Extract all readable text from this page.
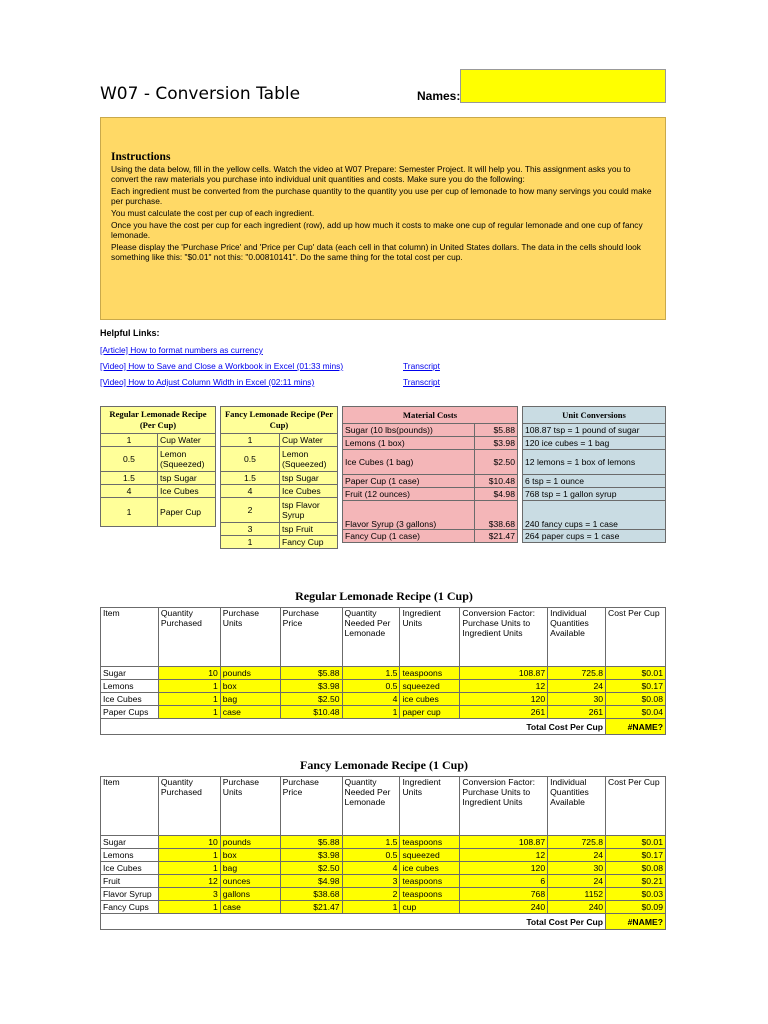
W07 - Conversion Table	Names:
Instructions

Using the data below, fill in the yellow cells. Watch the video at W07 Prepare: Semester Project. It will help you. This assignment asks you to convert the raw materials you purchase into individual unit quantities and costs. Make sure you do the following:

Each ingredient must be converted from the purchase quantity to the quantity you use per cup of lemonade to how many servings you could make per purchase.

You must calculate the cost per cup of each ingredient.

Once you have the cost per cup for each ingredient (row), add up how much it costs to make one cup of regular lemonade and one cup of fancy lemonade.

Please display the 'Purchase Price' and 'Price per Cup' data (each cell in that column) in United States dollars. The data in the cells should look something like this: "$0.01" not this: "0.00810141". Do the same thing for the total cost per cup.

Helpful Links:
[Article] How to format numbers as currency
[Video] How to Save and Close a Workbook in Excel (01:33 mins)	Transcript
[Video] How to Adjust Column Width in Excel (02:11 mins)	Transcript
Regular Lemonade Recipe (Per Cup)	
1	Cup Water
0.5	Lemon (Squeezed)
1.5	tsp Sugar
4	Ice Cubes
1	Paper Cup
Fancy Lemonade Recipe (Per Cup)	
1	Cup Water
0.5	Lemon (Squeezed)
1.5	tsp Sugar
4	Ice Cubes
2	tsp Flavor Syrup
3	tsp Fruit
1	Fancy Cup
Material Costs	
Sugar (10 lbs(pounds))	$5.88
Lemons (1 box)	$3.98
Ice Cubes (1 bag)	$2.50
Paper Cup (1 case)	$10.48
Fruit (12 ounces)	$4.98
Flavor Syrup (3 gallons)	$38.68
Fancy Cup (1 case)	$21.47
Unit Conversions
108.87 tsp = 1 pound of sugar
120 ice cubes = 1 bag
12 lemons = 1 box of lemons
6 tsp = 1 ounce
768 tsp = 1 gallon syrup
240 fancy cups = 1 case
264 paper cups = 1 case
Regular Lemonade Recipe (1 Cup)
Item	Quantity Purchased	Purchase Units	Purchase Price	Quantity Needed Per Lemonade	Ingredient Units	Conversion Factor: Purchase Units to Ingredient Units	Individual Quantities Available	Cost Per Cup
Sugar	10	pounds	$5.88	1.5	teaspoons	108.87	725.8	$0.01
Lemons	1	box	$3.98	0.5	squeezed	12	24	$0.17
Ice Cubes	1	bag	$2.50	4	ice cubes	120	30	$0.08
Paper Cups	1	case	$10.48	1	paper cup	261	261	$0.04
Total Cost Per Cup								#NAME?
Fancy Lemonade Recipe (1 Cup)
Item	Quantity Purchased	Purchase Units	Purchase Price	Quantity Needed Per Lemonade	Ingredient Units	Conversion Factor: Purchase Units to Ingredient Units	Individual Quantities Available	Cost Per Cup
Sugar	10	pounds	$5.88	1.5	teaspoons	108.87	725.8	$0.01
Lemons	1	box	$3.98	0.5	squeezed	12	24	$0.17
Ice Cubes	1	bag	$2.50	4	ice cubes	120	30	$0.08
Fruit	12	ounces	$4.98	3	teaspoons	6	24	$0.21
Flavor Syrup	3	gallons	$38.68	2	teaspoons	768	1152	$0.03
Fancy Cups	1	case	$21.47	1	cup	240	240	$0.09
Total Cost Per Cup								#NAME?
